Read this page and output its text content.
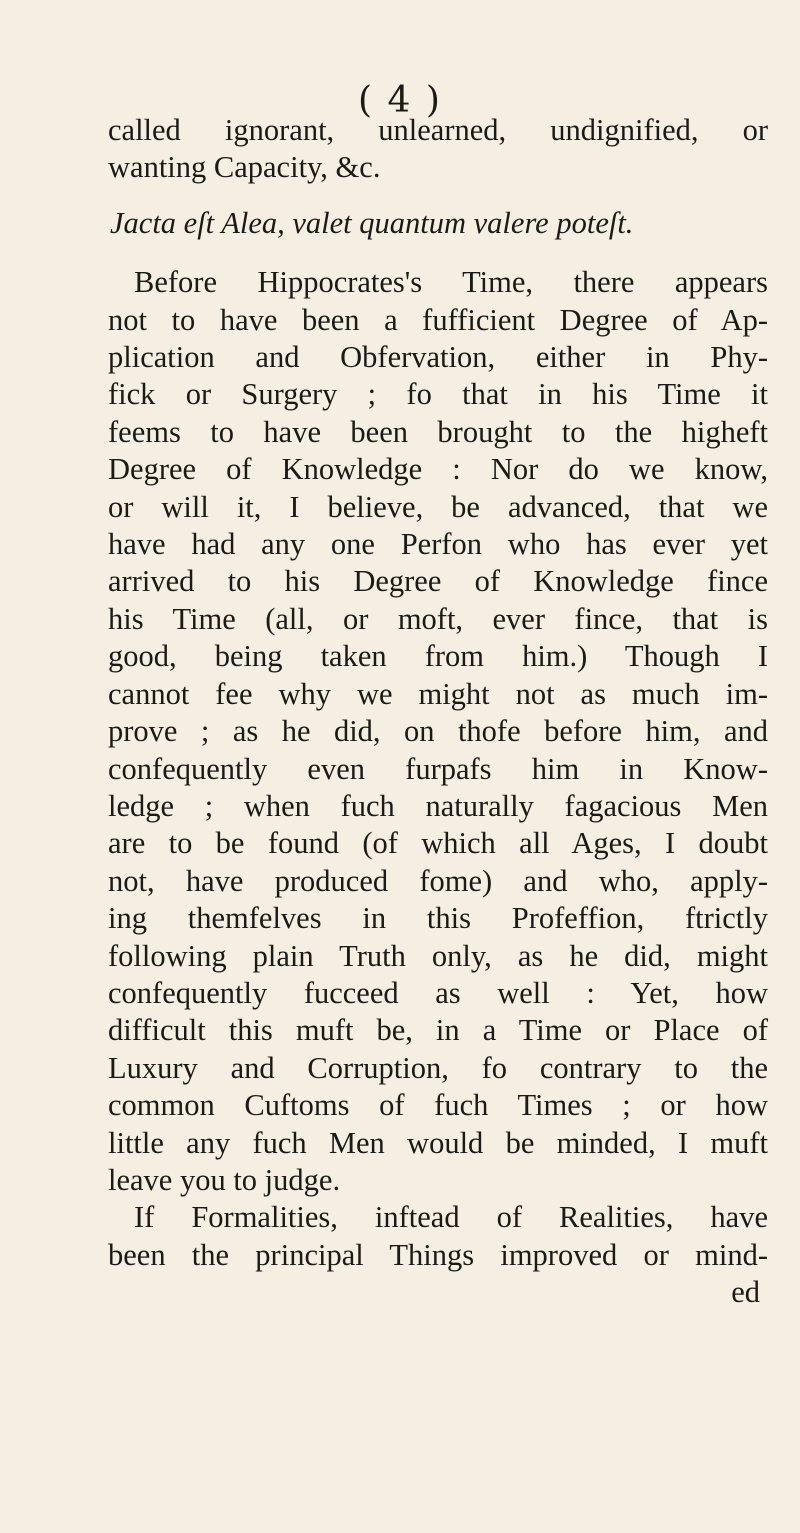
( 4 )
called ignorant, unlearned, undignified, or
wanting Capacity, &c.
Jacta eſt Alea, valet quantum valere poteſt.
Before Hippocrates's Time, there appears
not to have been a fufficient Degree of Ap-
plication and Obfervation, either in Phy-
fick or Surgery ; fo that in his Time it
feems to have been brought to the higheft
Degree of Knowledge : Nor do we know,
or will it, I believe, be advanced, that we
have had any one Perfon who has ever yet
arrived to his Degree of Knowledge fince
his Time (all, or moft, ever fince, that is
good, being taken from him.) Though I
cannot fee why we might not as much im-
prove ; as he did, on thofe before him, and
confequently even furpafs him in Know-
ledge ; when fuch naturally fagacious Men
are to be found (of which all Ages, I doubt
not, have produced fome) and who, apply-
ing themfelves in this Profeffion, ftrictly
following plain Truth only, as he did, might
confequently fucceed as well : Yet, how
difficult this muft be, in a Time or Place of
Luxury and Corruption, fo contrary to the
common Cuftoms of fuch Times ; or how
little any fuch Men would be minded, I muft
leave you to judge.
If Formalities, inftead of Realities, have
been the principal Things improved or mind-
ed
